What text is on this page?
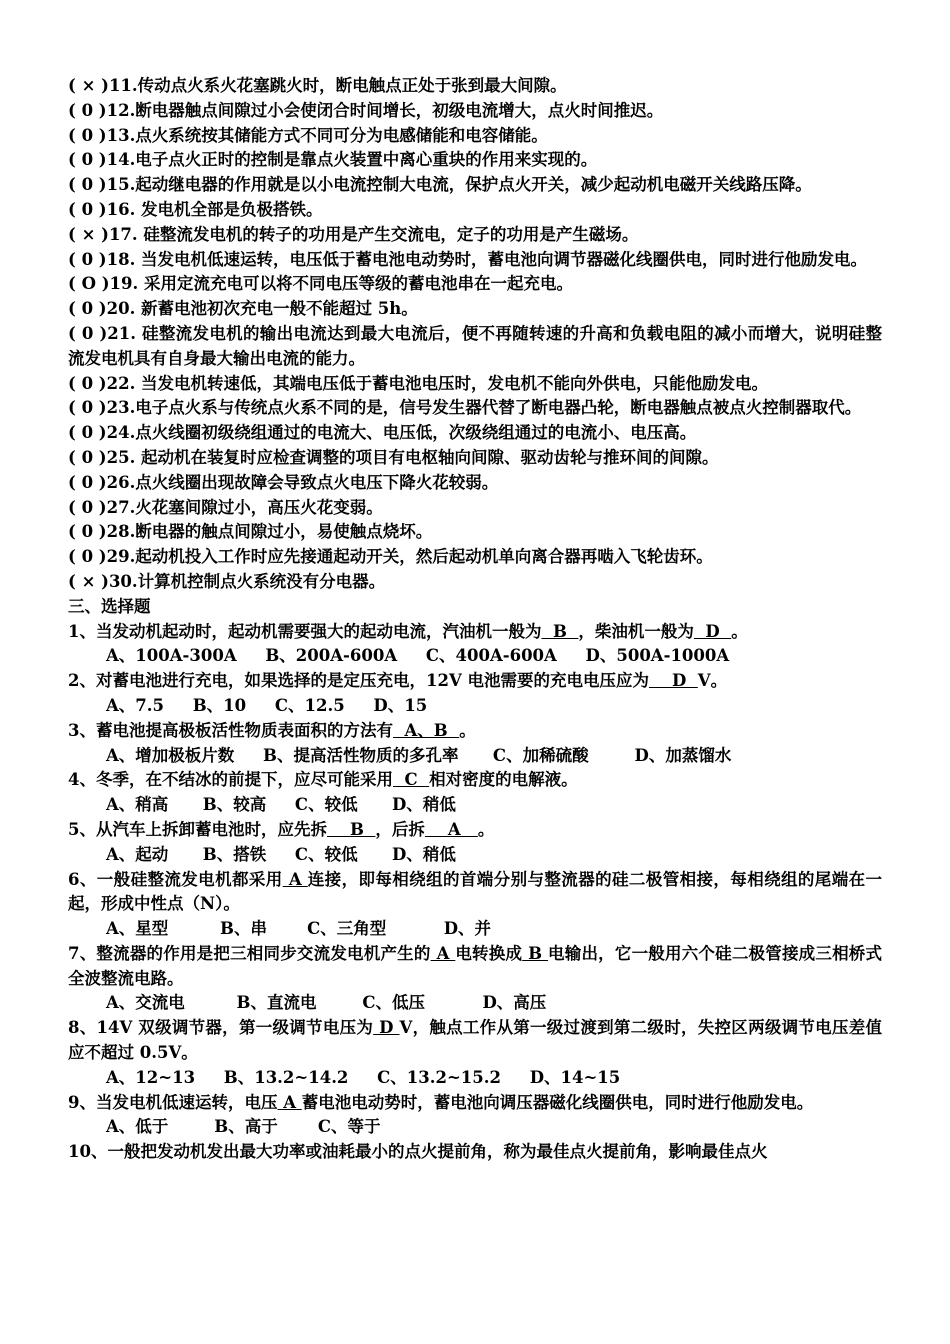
( × )11.传动点火系火花塞跳火时，断电触点正处于张到最大间隙。
( 0 )12.断电器触点间隙过小会使闭合时间增长，初级电流增大，点火时间推迟。
( 0 )13.点火系统按其储能方式不同可分为电感储能和电容储能。
( 0 )14.电子点火正时的控制是靠点火装置中离心重块的作用来实现的。
( 0 )15.起动继电器的作用就是以小电流控制大电流，保护点火开关，减少起动机电磁开关线路压降。
( 0 )16. 发电机全部是负极搭铁。
( × )17. 硅整流发电机的转子的功用是产生交流电，定子的功用是产生磁场。
( 0 )18. 当发电机低速运转，电压低于蓄电池电动势时，蓄电池向调节器磁化线圈供电，同时进行他励发电。
( O )19. 采用定流充电可以将不同电压等级的蓄电池串在一起充电。
( 0 )20. 新蓄电池初次充电一般不能超过 5h。
( 0 )21. 硅整流发电机的输出电流达到最大电流后，便不再随转速的升高和负载电阻的减小而增大，说明硅整流发电机具有自身最大输出电流的能力。
( 0 )22. 当发电机转速低，其端电压低于蓄电池电压时，发电机不能向外供电，只能他励发电。
( 0 )23.电子点火系与传统点火系不同的是，信号发生器代替了断电器凸轮，断电器触点被点火控制器取代。
( 0 )24.点火线圈初级绕组通过的电流大、电压低，次级绕组通过的电流小、电压高。
( 0 )25. 起动机在装复时应检查调整的项目有电枢轴向间隙、驱动齿轮与推环间的间隙。
( 0 )26.点火线圈出现故障会导致点火电压下降火花较弱。
( 0 )27.火花塞间隙过小，高压火花变弱。
( 0 )28.断电器的触点间隙过小，易使触点烧坏。
( 0 )29.起动机投入工作时应先接通起动开关，然后起动机单向离合器再啮入飞轮齿环。
( × )30.计算机控制点火系统没有分电器。
三、选择题
1、当发动机起动时，起动机需要强大的起动电流，汽油机一般为  B  ，柴油机一般为  D  。
A、100A-300A     B、200A-600A     C、400A-600A     D、500A-1000A
2、对蓄电池进行充电，如果选择的是定压充电，12V 电池需要的充电电压应为    D  V。
A、7.5     B、10     C、12.5     D、15
3、蓄电池提高极板活性物质表面积的方法有  A、B  。
A、增加极板片数     B、提高活性物质的多孔率      C、加稀硫酸        D、加蒸馏水
4、冬季，在不结冰的前提下，应尽可能采用  C  相对密度的电解液。
A、稍高      B、较高     C、较低      D、稍低
5、从汽车上拆卸蓄电池时，应先拆    B  ，后拆    A   。
A、起动      B、搭铁     C、较低      D、稍低
6、一般硅整流发电机都采用 A 连接，即每相绕组的首端分别与整流器的硅二极管相接，每相绕组的尾端在一起，形成中性点（N）。
A、星型         B、串       C、三角型          D、并
7、整流器的作用是把三相同步交流发电机产生的 A 电转换成 B 电输出，它一般用六个硅二极管接成三相桥式全波整流电路。
A、交流电         B、直流电        C、低压          D、高压
8、14V 双级调节器，第一级调节电压为 D V，触点工作从第一级过渡到第二级时，失控区两级调节电压差值应不超过 0.5V。
A、12~13     B、13.2~14.2     C、13.2~15.2     D、14~15
9、当发电机低速运转，电压 A 蓄电池电动势时，蓄电池向调压器磁化线圈供电，同时进行他励发电。
A、低于        B、高于       C、等于
10、一般把发动机发出最大功率或油耗最小的点火提前角，称为最佳点火提前角，影响最佳点火
